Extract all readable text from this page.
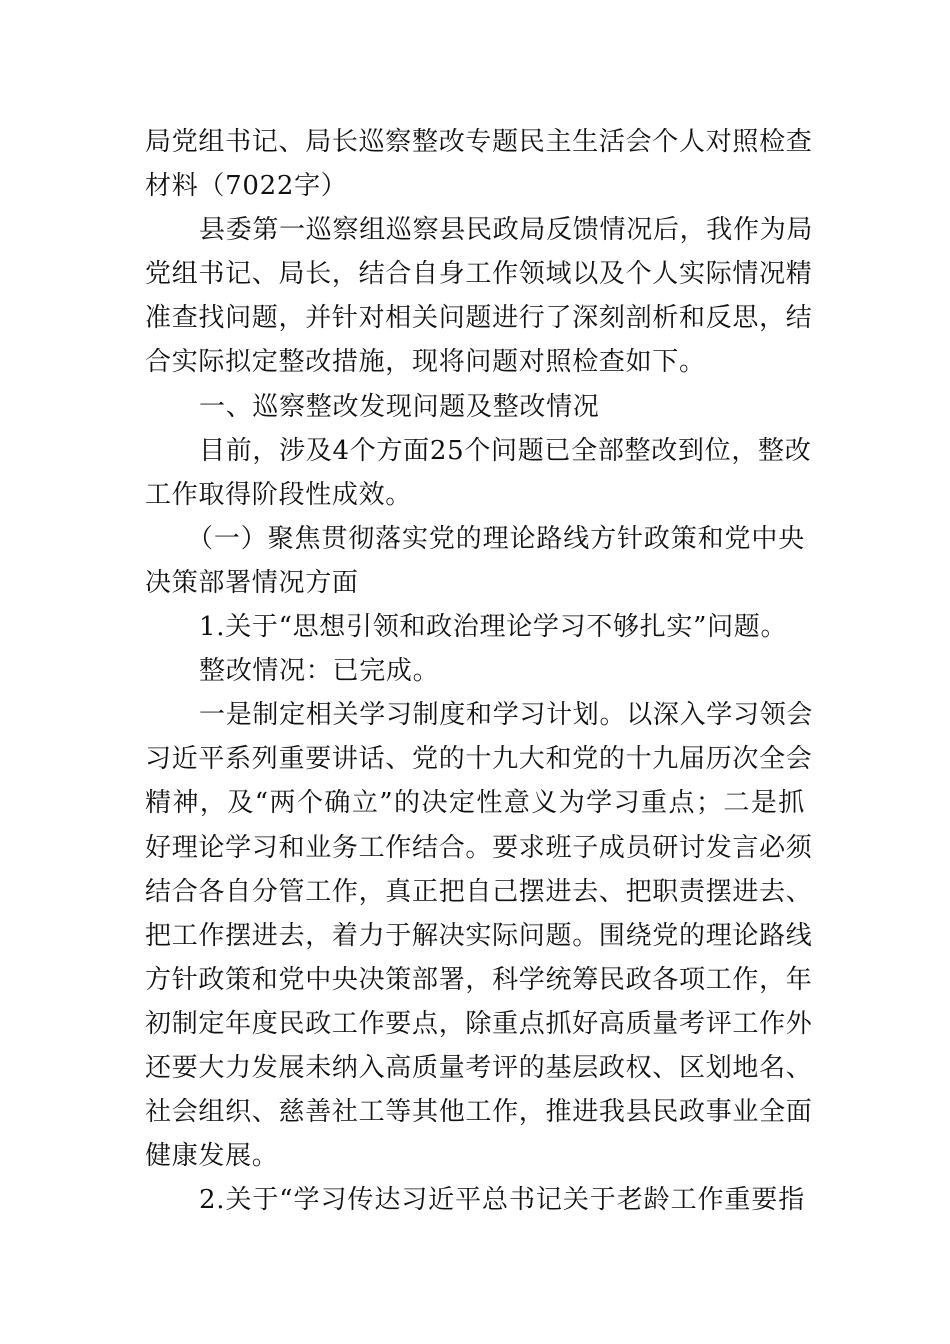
局党组书记、局长巡察整改专题民主生活会个人对照检查
材料（7022字）
县委第一巡察组巡察县民政局反馈情况后，我作为局
党组书记、局长，结合自身工作领域以及个人实际情况精
准查找问题，并针对相关问题进行了深刻剖析和反思，结
合实际拟定整改措施，现将问题对照检查如下。
一、巡察整改发现问题及整改情况
目前，涉及4个方面25个问题已全部整改到位，整改
工作取得阶段性成效。
（一）聚焦贯彻落实党的理论路线方针政策和党中央
决策部署情况方面
1.关于“思想引领和政治理论学习不够扎实”问题。
整改情况：已完成。
一是制定相关学习制度和学习计划。以深入学习领会
习近平系列重要讲话、党的十九大和党的十九届历次全会
精神，及“两个确立”的决定性意义为学习重点；二是抓
好理论学习和业务工作结合。要求班子成员研讨发言必须
结合各自分管工作，真正把自己摆进去、把职责摆进去、
把工作摆进去，着力于解决实际问题。围绕党的理论路线
方针政策和党中央决策部署，科学统筹民政各项工作，年
初制定年度民政工作要点，除重点抓好高质量考评工作外
还要大力发展未纳入高质量考评的基层政权、区划地名、
社会组织、慈善社工等其他工作，推进我县民政事业全面
健康发展。
2.关于“学习传达习近平总书记关于老龄工作重要指
